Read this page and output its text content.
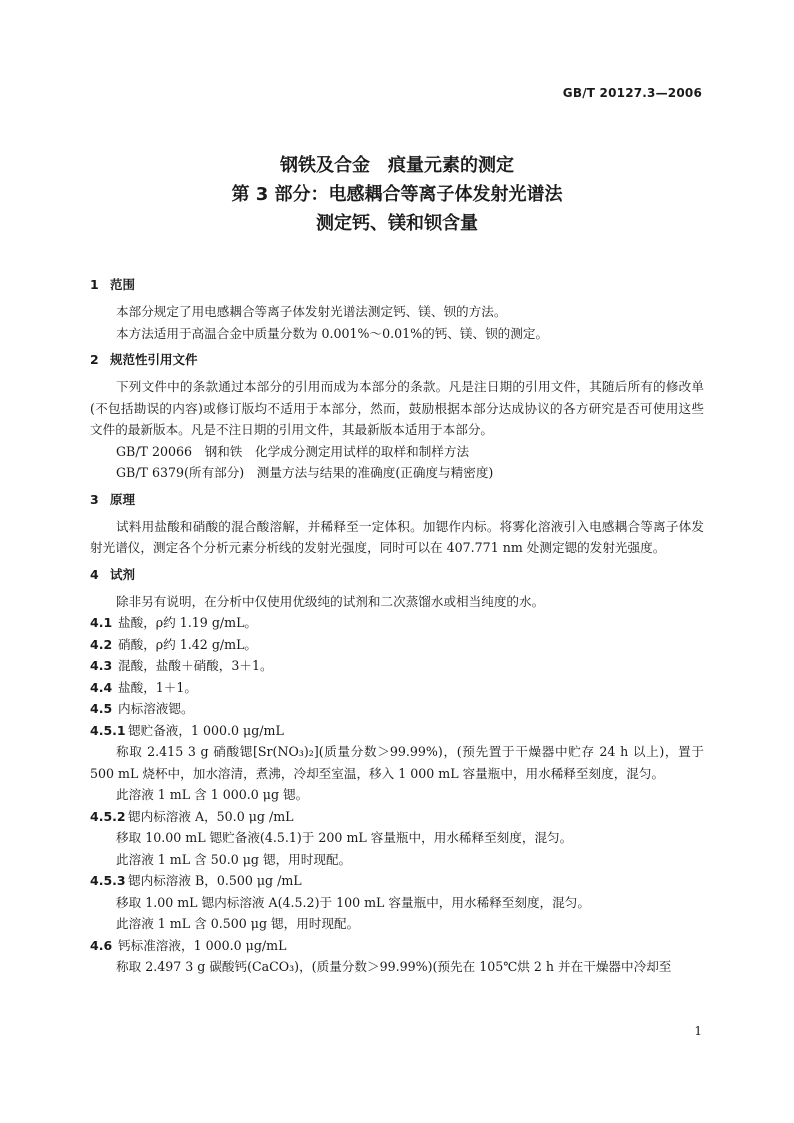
GB/T 20127.3—2006
钢铁及合金　痕量元素的测定
第 3 部分：电感耦合等离子体发射光谱法
测定钙、镁和钡含量
1 范围

本部分规定了用电感耦合等离子体发射光谱法测定钙、镁、钡的方法。

本方法适用于高温合金中质量分数为 0.001%～0.01%的钙、镁、钡的测定。

2 规范性引用文件

下列文件中的条款通过本部分的引用而成为本部分的条款。凡是注日期的引用文件，其随后所有的修改单(不包括勘误的内容)或修订版均不适用于本部分，然而，鼓励根据本部分达成协议的各方研究是否可使用这些文件的最新版本。凡是不注日期的引用文件，其最新版本适用于本部分。

GB/T 20066　钢和铁　化学成分测定用试样的取样和制样方法

GB/T 6379(所有部分)　测量方法与结果的准确度(正确度与精密度)

3 原理

试料用盐酸和硝酸的混合酸溶解，并稀释至一定体积。加锶作内标。将雾化溶液引入电感耦合等离子体发射光谱仪，测定各个分析元素分析线的发射光强度，同时可以在 407.771 nm 处测定锶的发射光强度。

4 试剂

除非另有说明，在分析中仅使用优级纯的试剂和二次蒸馏水或相当纯度的水。

4.1 盐酸，ρ约 1.19 g/mL。

4.2 硝酸，ρ约 1.42 g/mL。

4.3 混酸，盐酸＋硝酸，3＋1。

4.4 盐酸，1＋1。

4.5 内标溶液锶。

4.5.1 锶贮备液，1 000.0 μg/mL

称取 2.415 3 g 硝酸锶[Sr(NO₃)₂](质量分数＞99.99%)，(预先置于干燥器中贮存 24 h 以上)，置于 500 mL 烧杯中，加水溶清，煮沸，冷却至室温，移入 1 000 mL 容量瓶中，用水稀释至刻度，混匀。

此溶液 1 mL 含 1 000.0 μg 锶。

4.5.2 锶内标溶液 A，50.0 μg /mL

移取 10.00 mL 锶贮备液(4.5.1)于 200 mL 容量瓶中，用水稀释至刻度，混匀。

此溶液 1 mL 含 50.0 μg 锶，用时现配。

4.5.3 锶内标溶液 B，0.500 μg /mL

移取 1.00 mL 锶内标溶液 A(4.5.2)于 100 mL 容量瓶中，用水稀释至刻度，混匀。

此溶液 1 mL 含 0.500 μg 锶，用时现配。

4.6 钙标准溶液，1 000.0 μg/mL

称取 2.497 3 g 碳酸钙(CaCO₃)，(质量分数＞99.99%)(预先在 105℃烘 2 h 并在干燥器中冷却至

1
